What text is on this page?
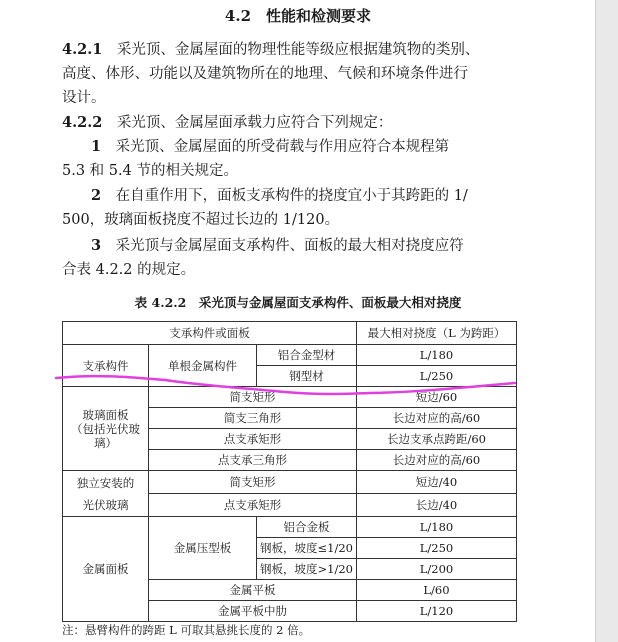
4.2　 性能和检测要求
4.2.1　 采光顶、金属屋面的物理性能等级应根据建筑物的类别、
高度、体形、功能以及建筑物所在的地理、气候和环境条件进行
设计。
4.2.2　 采光顶、金属屋面承载力应符合下列规定：
1　 采光顶、金属屋面的所受荷载与作用应符合本规程第
5.3 和 5.4 节的相关规定。
2　 在自重作用下，面板支承构件的挠度宜小于其跨距的 1/
500，玻璃面板挠度不超过长边的 1/120。
3　 采光顶与金属屋面支承构件、面板的最大相对挠度应符
合表 4.2.2 的规定。
表 4.2.2　采光顶与金属屋面支承构件、面板最大相对挠度
支承构件或面板			最大相对挠度（L 为跨距）
支承构件	单根金属构件	铝合金型材	L/180
		钢型材	L/250

玻璃面板
（包括光伏玻璃）	简支矩形		短边/60
	简支三角形		长边对应的高/60
	点支承矩形		长边支承点跨距/60
	点支承三角形		长边对应的高/60

独立安装的
光伏玻璃	简支矩形		短边/40
	点支承矩形		长边/40
金属面板	金属压型板	铝合金板	L/180
		钢板，坡度≤1/20	L/250
		钢板，坡度>1/20	L/200
	金属平板		L/60
	金属平板中肋		L/120
注：悬臂构件的跨距 L 可取其悬挑长度的 2 倍。
